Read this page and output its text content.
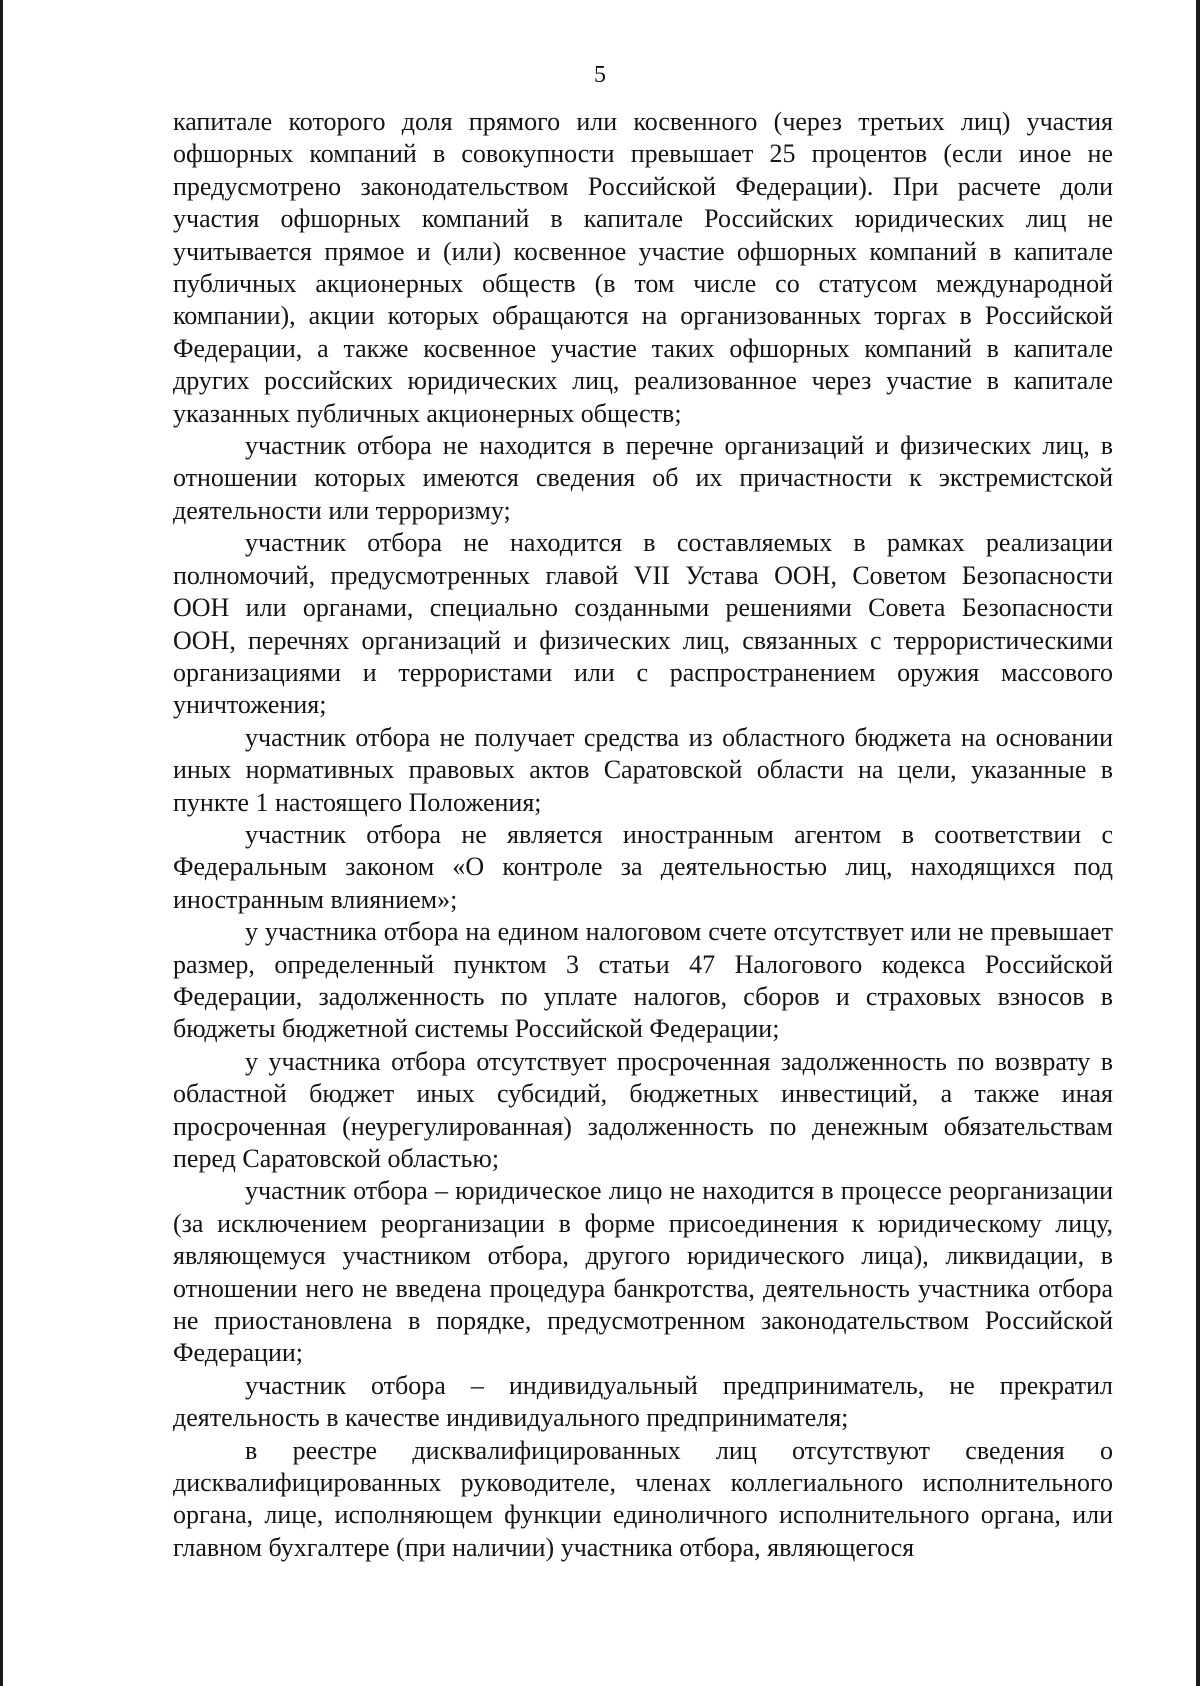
5

капитале которого доля прямого или косвенного (через третьих лиц) участия офшорных компаний в совокупности превышает 25 процентов (если иное не предусмотрено законодательством Российской Федерации). При расчете доли участия офшорных компаний в капитале Российских юридических лиц не учитывается прямое и (или) косвенное участие офшорных компаний в капитале публичных акционерных обществ (в том числе со статусом международной компании), акции которых обращаются на организованных торгах в Российской Федерации, а также косвенное участие таких офшорных компаний в капитале других российских юридических лиц, реализованное через участие в капитале указанных публичных акционерных обществ;

участник отбора не находится в перечне организаций и физических лиц, в отношении которых имеются сведения об их причастности к экстремистской деятельности или терроризму;

участник отбора не находится в составляемых в рамках реализации полномочий, предусмотренных главой VII Устава ООН, Советом Безопасности ООН или органами, специально созданными решениями Совета Безопасности ООН, перечнях организаций и физических лиц, связанных с террористическими организациями и террористами или с распространением оружия массового уничтожения;

участник отбора не получает средства из областного бюджета на основании иных нормативных правовых актов Саратовской области на цели, указанные в пункте 1 настоящего Положения;

участник отбора не является иностранным агентом в соответствии с Федеральным законом «О контроле за деятельностью лиц, находящихся под иностранным влиянием»;

у участника отбора на едином налоговом счете отсутствует или не превышает размер, определенный пунктом 3 статьи 47 Налогового кодекса Российской Федерации, задолженность по уплате налогов, сборов и страховых взносов в бюджеты бюджетной системы Российской Федерации;

у участника отбора отсутствует просроченная задолженность по возврату в областной бюджет иных субсидий, бюджетных инвестиций, а также иная просроченная (неурегулированная) задолженность по денежным обязательствам перед Саратовской областью;

участник отбора – юридическое лицо не находится в процессе реорганизации (за исключением реорганизации в форме присоединения к юридическому лицу, являющемуся участником отбора, другого юридического лица), ликвидации, в отношении него не введена процедура банкротства, деятельность участника отбора не приостановлена в порядке, предусмотренном законодательством Российской Федерации;

участник отбора – индивидуальный предприниматель, не прекратил деятельность в качестве индивидуального предпринимателя;

в реестре дисквалифицированных лиц отсутствуют сведения о дисквалифицированных руководителе, членах коллегиального исполнительного органа, лице, исполняющем функции единоличного исполнительного органа, или главном бухгалтере (при наличии) участника отбора, являющегося
